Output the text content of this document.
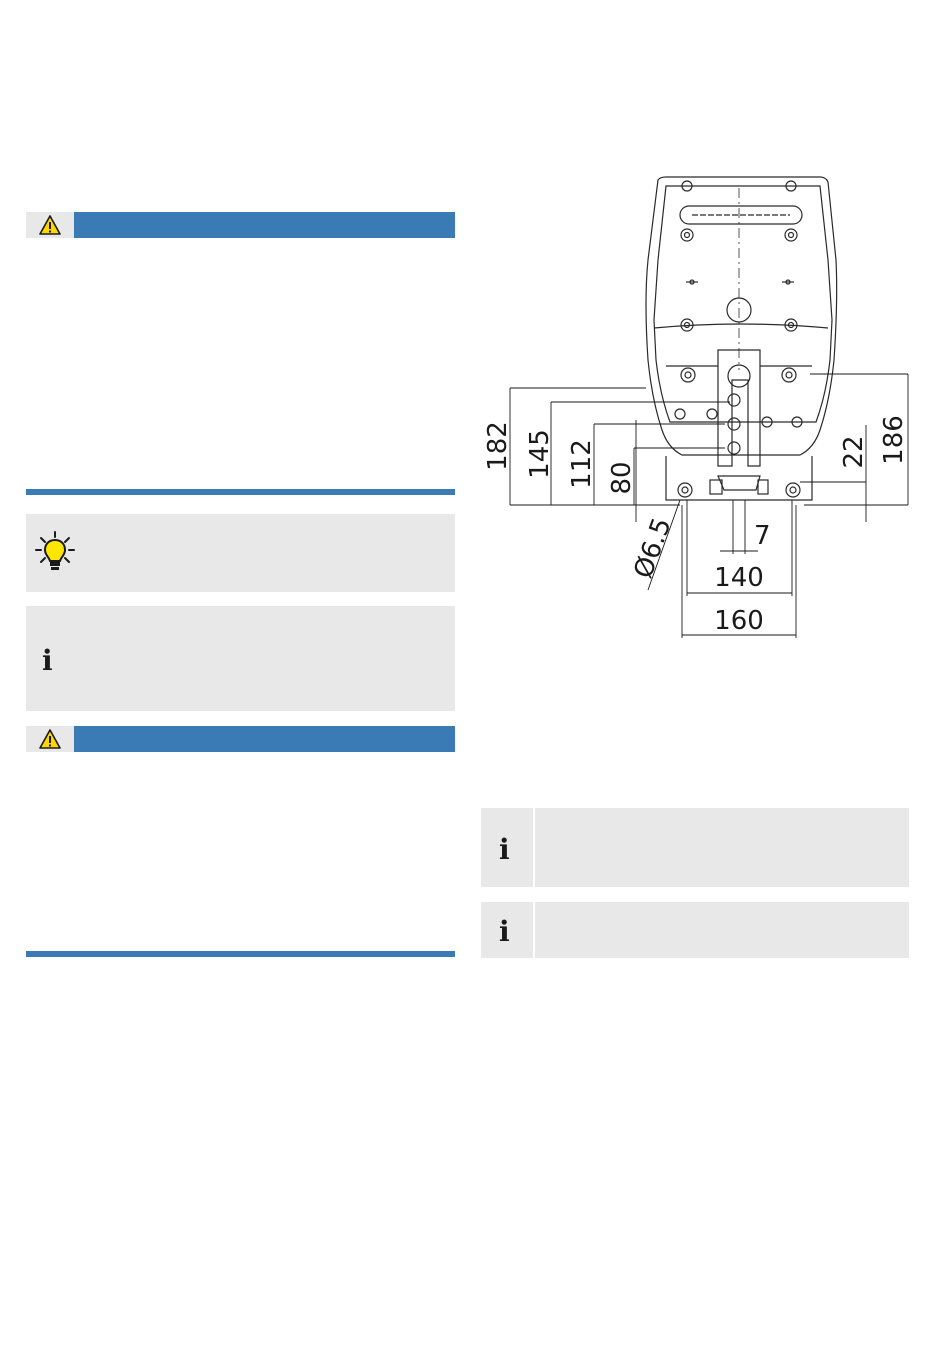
i
182 145 112 80
22 186
7
140
160
Ø6.5
i
i
